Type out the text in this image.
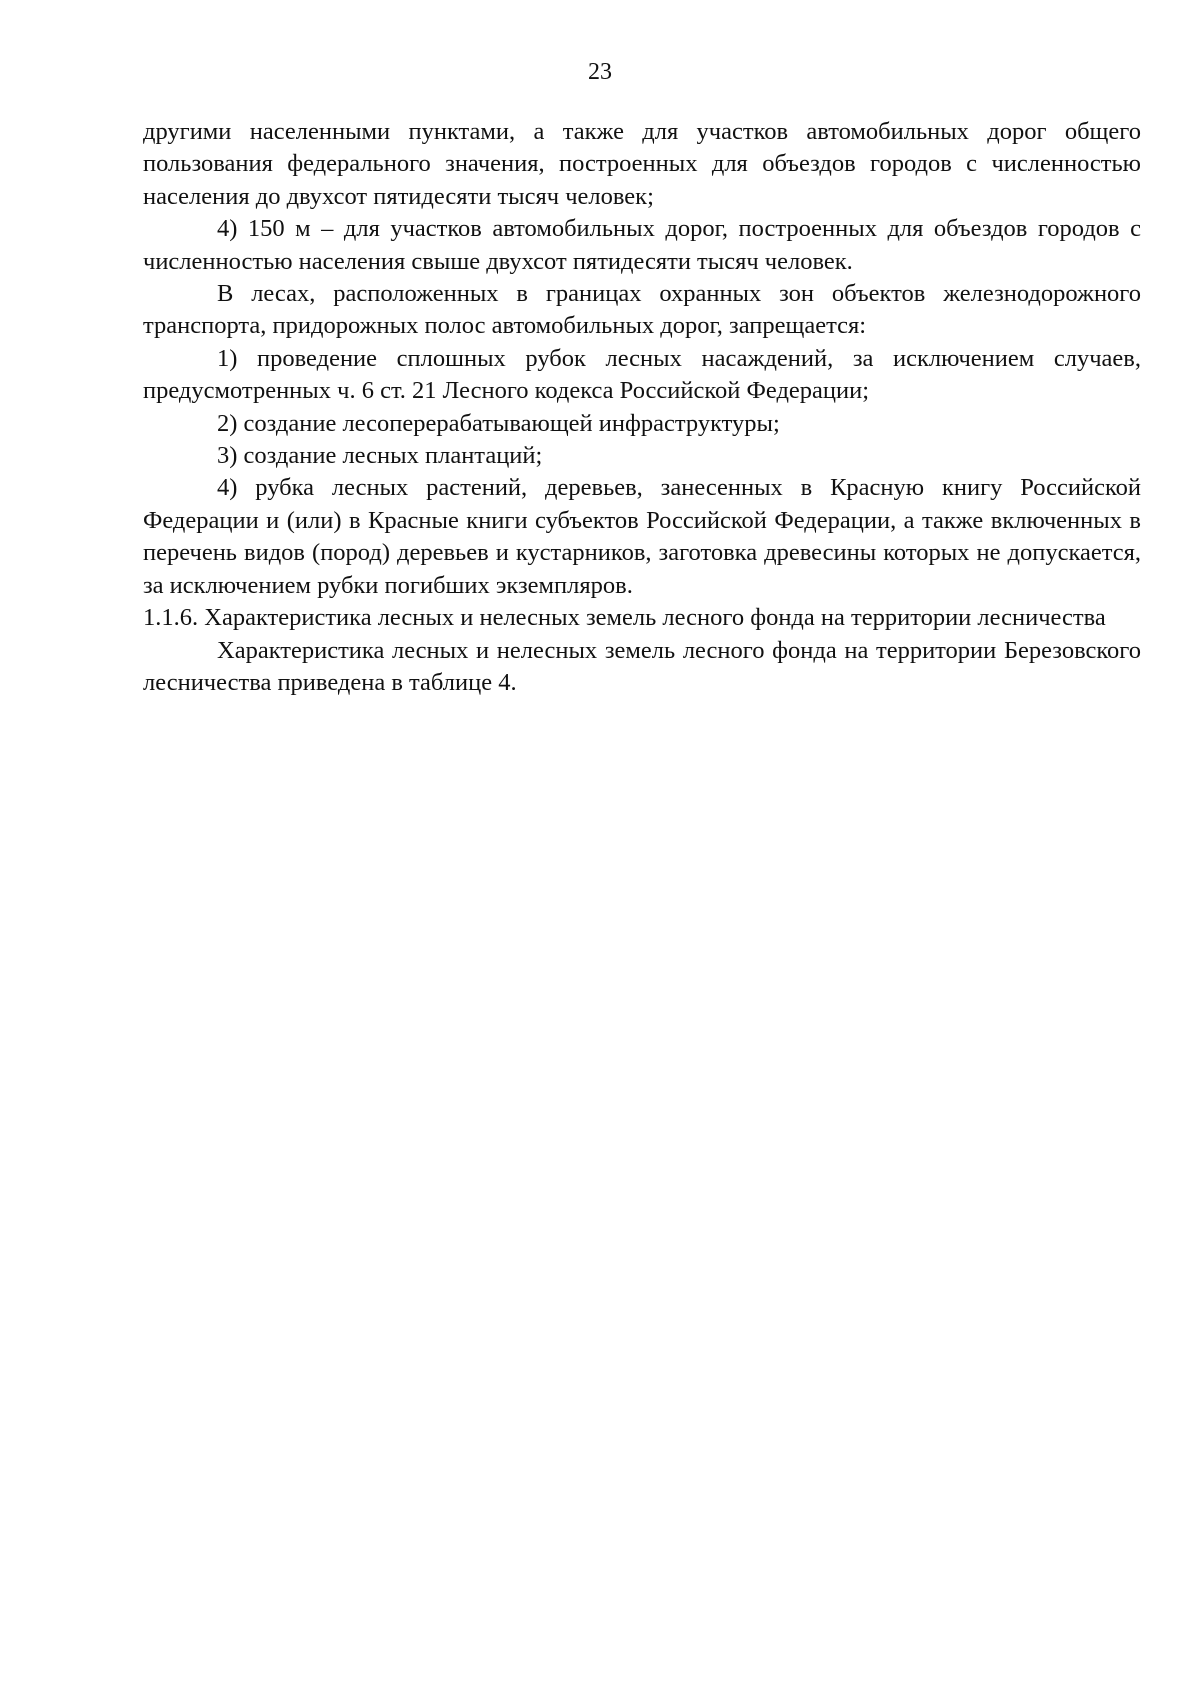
23

другими населенными пунктами, а также для участков автомобильных дорог общего пользования федерального значения, построенных для объездов городов с численностью населения до двухсот пятидесяти тысяч человек;

4) 150 м – для участков автомобильных дорог, построенных для объездов городов с численностью населения свыше двухсот пятидесяти тысяч человек.

В лесах, расположенных в границах охранных зон объектов железнодорожного транспорта, придорожных полос автомобильных дорог, запрещается:

1) проведение сплошных рубок лесных насаждений, за исключением случаев, предусмотренных ч. 6 ст. 21 Лесного кодекса Российской Федерации;

2) создание лесоперерабатывающей инфраструктуры;

3) создание лесных плантаций;

4) рубка лесных растений, деревьев, занесенных в Красную книгу Российской Федерации и (или) в Красные книги субъектов Российской Федерации, а также включенных в перечень видов (пород) деревьев и кустарников, заготовка древесины которых не допускается, за исключением рубки погибших экземпляров.

1.1.6. Характеристика лесных и нелесных земель лесного фонда на территории лесничества

Характеристика лесных и нелесных земель лесного фонда на территории Березовского лесничества приведена в таблице 4.
